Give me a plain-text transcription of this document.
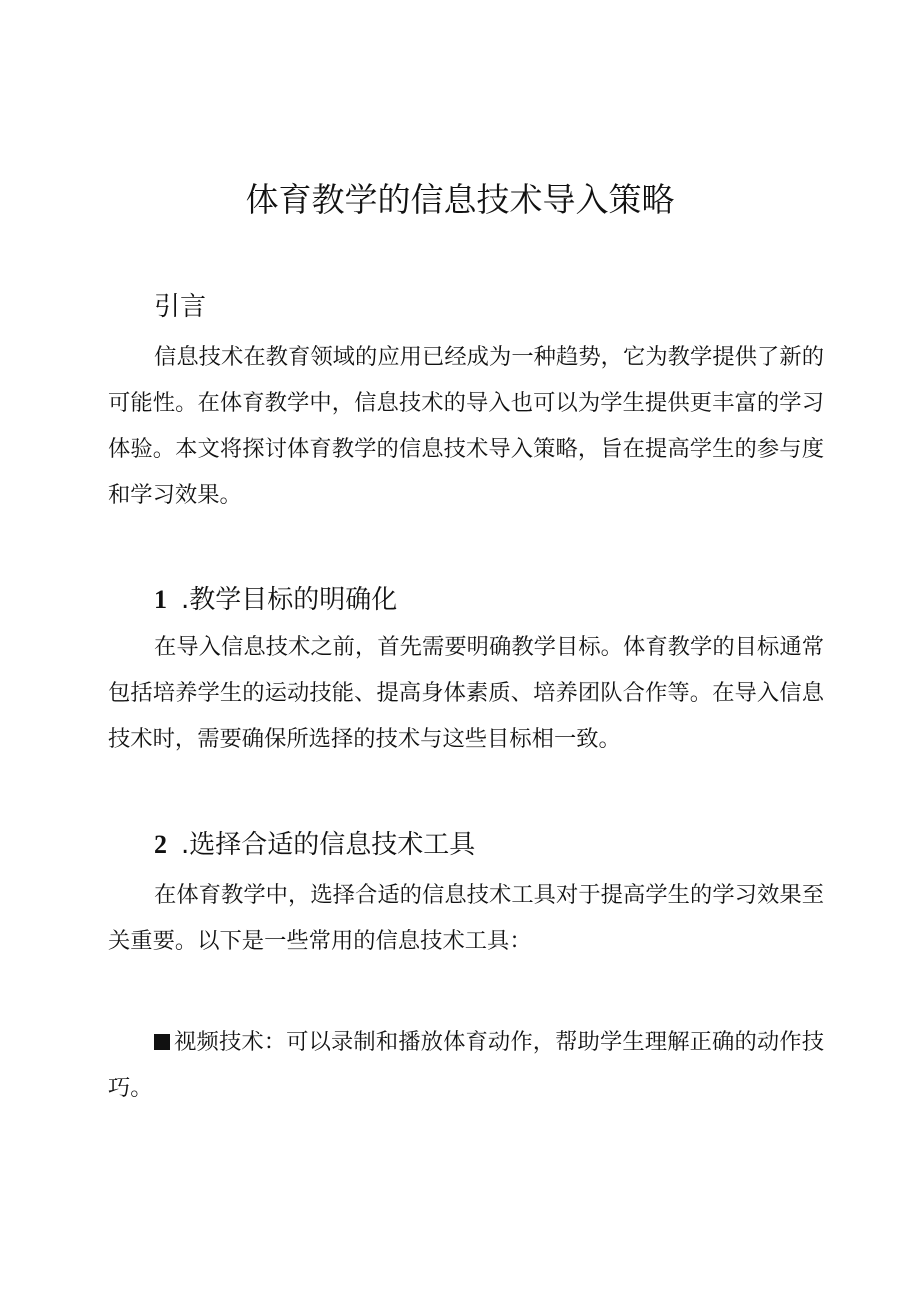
体育教学的信息技术导入策略
引言
信息技术在教育领域的应用已经成为一种趋势，它为教学提供了新的可能性。在体育教学中，信息技术的导入也可以为学生提供更丰富的学习体验。本文将探讨体育教学的信息技术导入策略，旨在提高学生的参与度和学习效果。
1 .教学目标的明确化
在导入信息技术之前，首先需要明确教学目标。体育教学的目标通常包括培养学生的运动技能、提高身体素质、培养团队合作等。在导入信息技术时，需要确保所选择的技术与这些目标相一致。
2 .选择合适的信息技术工具
在体育教学中，选择合适的信息技术工具对于提高学生的学习效果至关重要。以下是一些常用的信息技术工具：
视频技术：可以录制和播放体育动作，帮助学生理解正确的动作技巧。
